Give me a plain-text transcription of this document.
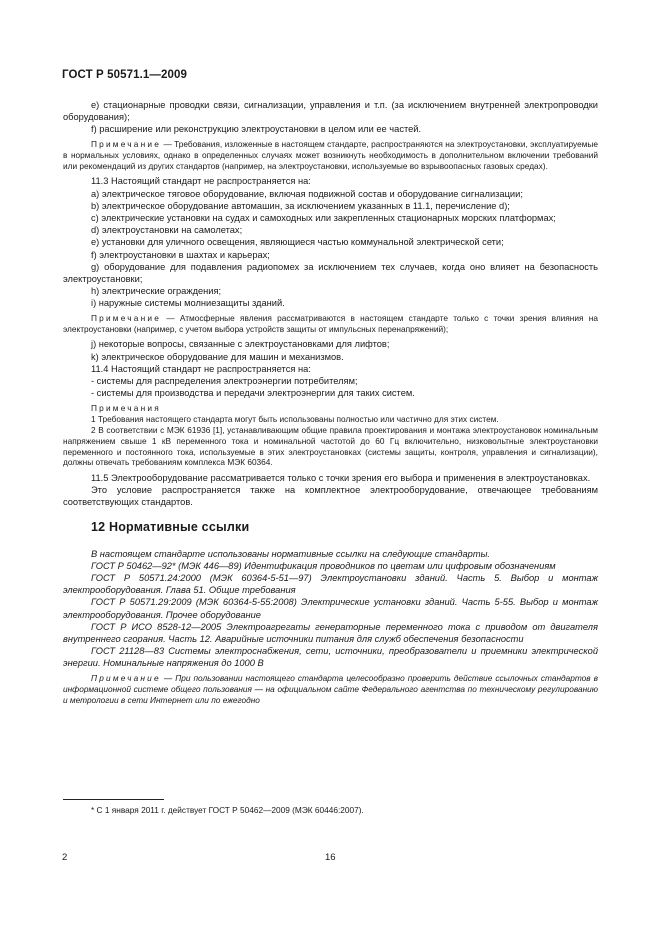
ГОСТ Р 50571.1—2009

е) стационарные проводки связи, сигнализации, управления и т.п. (за исключением внутренней электропроводки оборудования);

f) расширение или реконструкцию электроустановки в целом или ее частей.

Примечание — Требования, изложенные в настоящем стандарте, распространяются на электроустановки, эксплуатируемые в нормальных условиях, однако в определенных случаях может возникнуть необходимость в дополнительном включении требований или рекомендаций из других стандартов (например, на электроустановки, используемые во взрывоопасных газовых средах).

11.3 Настоящий стандарт не распространяется на:

a) электрическое тяговое оборудование, включая подвижной состав и оборудование сигнализации;

b) электрическое оборудование автомашин, за исключением указанных в 11.1, перечисление d);

c) электрические установки на судах и самоходных или закрепленных стационарных морских платформах;

d) электроустановки на самолетах;

e) установки для уличного освещения, являющиеся частью коммунальной электрической сети;

f) электроустановки в шахтах и карьерах;

g) оборудование для подавления радиопомех за исключением тех случаев, когда оно влияет на безопасность электроустановки;

h) электрические ограждения;

i) наружные системы молниезащиты зданий.

Примечание — Атмосферные явления рассматриваются в настоящем стандарте только с точки зрения влияния на электроустановки (например, с учетом выбора устройств защиты от импульсных перенапряжений);

j) некоторые вопросы, связанные с электроустановками для лифтов;

k) электрическое оборудование для машин и механизмов.

11.4 Настоящий стандарт не распространяется на:

- системы для распределения электроэнергии потребителям;

- системы для производства и передачи электроэнергии для таких систем.

Примечания

1 Требования настоящего стандарта могут быть использованы полностью или частично для этих систем.

2 В соответствии с МЭК 61936 [1], устанавливающим общие правила проектирования и монтажа электроустановок номинальным напряжением свыше 1 кВ переменного тока и номинальной частотой до 60 Гц включительно, низковольтные электроустановки переменного и постоянного тока, используемые в этих электроустановках (системы защиты, контроля, управления и сигнализации), должны отвечать требованиям комплекса МЭК 60364.

11.5 Электрооборудование рассматривается только с точки зрения его выбора и применения в электроустановках.

Это условие распространяется также на комплектное электрооборудование, отвечающее требованиям соответствующих стандартов.

12 Нормативные ссылки

В настоящем стандарте использованы нормативные ссылки на следующие стандарты.

ГОСТ Р 50462—92* (МЭК 446—89) Идентификация проводников по цветам или цифровым обозначениям

ГОСТ Р 50571.24:2000 (МЭК 60364-5-51—97) Электроустановки зданий. Часть 5. Выбор и монтаж электрооборудования. Глава 51. Общие требования

ГОСТ Р 50571.29:2009 (МЭК 60364-5-55:2008) Электрические установки зданий. Часть 5-55. Выбор и монтаж электрооборудования. Прочее оборудование

ГОСТ Р ИСО 8528-12—2005 Электроагрегаты генераторные переменного тока с приводом от двигателя внутреннего сгорания. Часть 12. Аварийные источники питания для служб обеспечения безопасности

ГОСТ 21128—83 Системы электроснабжения, сети, источники, преобразователи и приемники электрической энергии. Номинальные напряжения до 1000 В

Примечание — При пользовании настоящего стандарта целесообразно проверить действие ссылочных стандартов в информационной системе общего пользования — на официальном сайте Федерального агентства по техническому регулированию и метрологии в сети Интернет или по ежегодно

* С 1 января 2011 г. действует ГОСТ Р 50462—2009 (МЭК 60446:2007).
2	16
